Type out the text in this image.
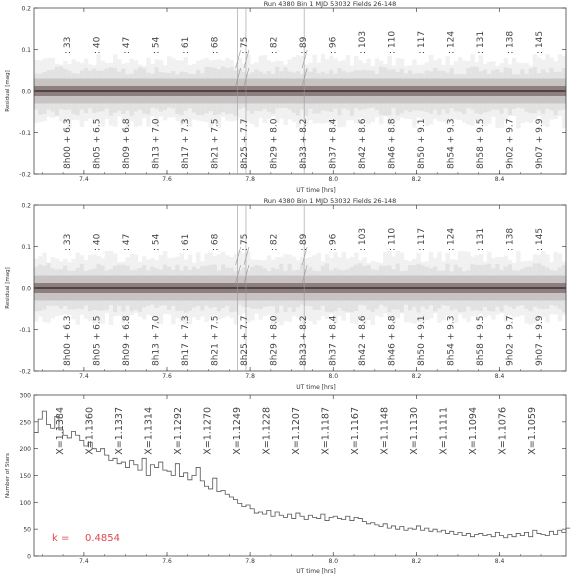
-0.2
-0.1
0.0
0.1
0.2
7.4	7.6	7.8	8.0	8.2	8.4
Run 4380 Bin 1 MJD 53032 Fields 26-148
UT time [hrs]
Residual [mag]
: 33
8h00 + 6.3
: 40
8h05 + 6.5
: 47
8h09 + 6.8
: 54
8h13 + 7.0
: 61
8h17 + 7.3
: 68
8h21 + 7.5
: 75
8h25 + 7.7
: 82
8h29 + 8.0
: 89
8h33 + 8.2
: 96
8h37 + 8.4
: 103
8h42 + 8.6
: 110
8h46 + 8.8
: 117
8h50 + 9.1
: 124
8h54 + 9.3
: 131
8h58 + 9.5
: 138
9h02 + 9.7
: 145
9h07 + 9.9
-0.2
-0.1
0.0
0.1
0.2
7.4	7.6	7.8	8.0	8.2	8.4
Run 4380 Bin 1 MJD 53032 Fields 26-148
UT time [hrs]
Residual [mag]
: 33
8h00 + 6.3
: 40
8h05 + 6.5
: 47
8h09 + 6.8
: 54
8h13 + 7.0
: 61
8h17 + 7.3
: 68
8h21 + 7.5
: 75
8h25 + 7.7
: 82
8h29 + 8.0
: 89
8h33 + 8.2
: 96
8h37 + 8.4
: 103
8h42 + 8.6
: 110
8h46 + 8.8
: 117
8h50 + 9.1
: 124
8h54 + 9.3
: 131
8h58 + 9.5
: 138
9h02 + 9.7
: 145
9h07 + 9.9
X=1.1384 X=1.1360 X=1.1337 X=1.1314 X=1.1292 X=1.1270 X=1.1249 X=1.1228 X=1.1207 X=1.1187 X=1.1167 X=1.1148 X=1.1130 X=1.1111 X=1.1094 X=1.1076 X=1.1059
0
50
100
150
200
250
300
7.4	7.6	7.8	8.0	8.2	8.4
UT time [hrs]
Number of Stars
k = 0.4854
